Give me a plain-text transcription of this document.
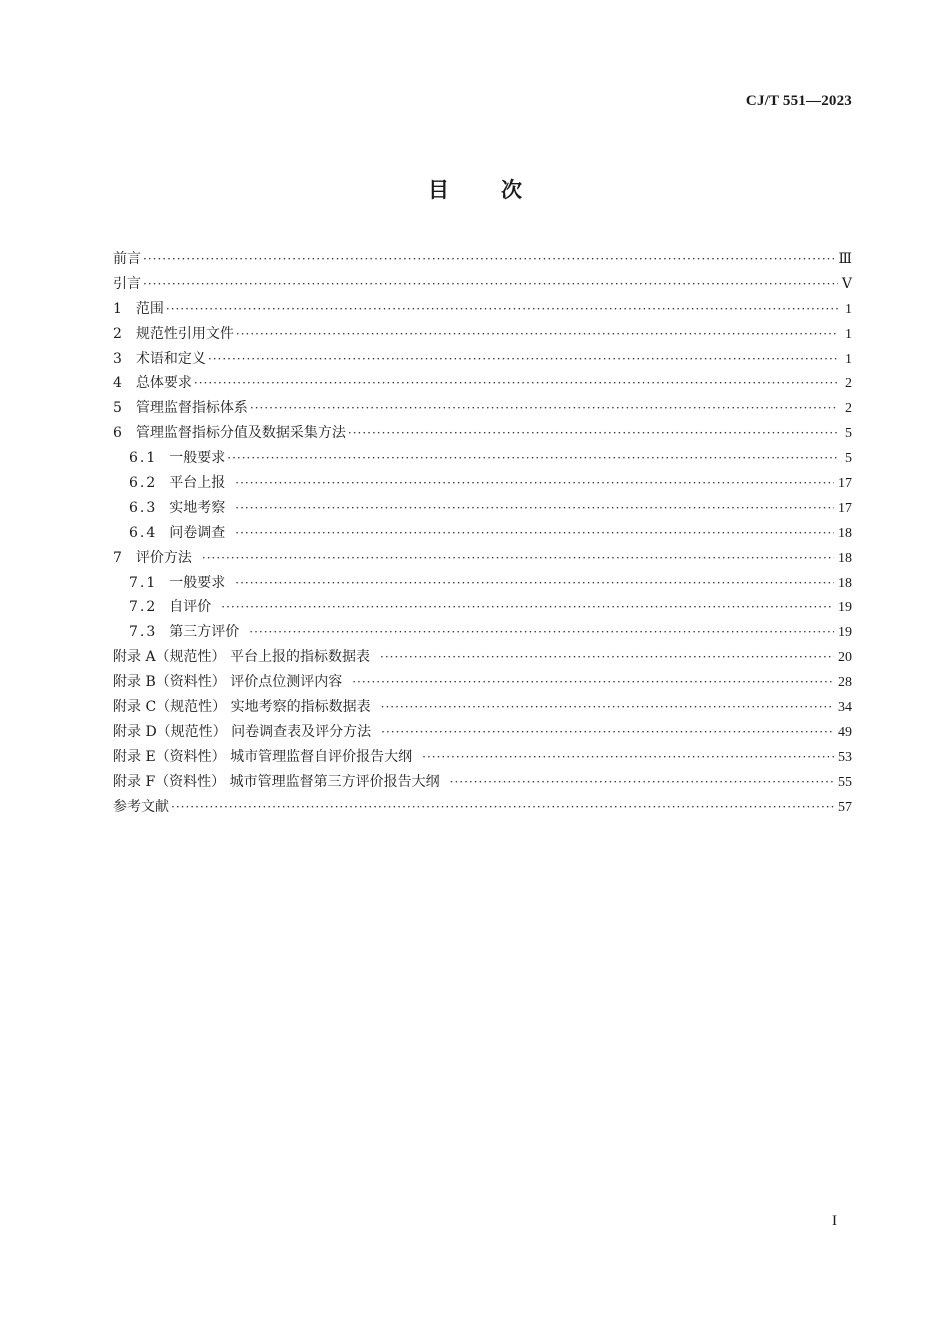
CJ/T 551—2023
目次
前言 ·····	Ⅲ
引言 ·····	Ⅴ
1 范围 ·····	1
2 规范性引用文件 ·····	1
3 术语和定义 ·····	1
4 总体要求 ·····	2
5 管理监督指标体系 ·····	2
6 管理监督指标分值及数据采集方法 ·····	5
6.1 一般要求 ·····	5
6.2 平台上报 ·····	17
6.3 实地考察 ·····	17
6.4 问卷调查 ·····	18
7 评价方法 ·····	18
7.1 一般要求 ·····	18
7.2 自评价 ·····	19
7.3 第三方评价 ·····	19
附录 A（规范性） 平台上报的指标数据表 ·····	20
附录 B（资料性） 评价点位测评内容 ·····	28
附录 C（规范性） 实地考察的指标数据表 ·····	34
附录 D（规范性） 问卷调查表及评分方法 ·····	49
附录 E（资料性） 城市管理监督自评价报告大纲 ·····	53
附录 F（资料性） 城市管理监督第三方评价报告大纲 ·····	55
参考文献 ·····	57
I
